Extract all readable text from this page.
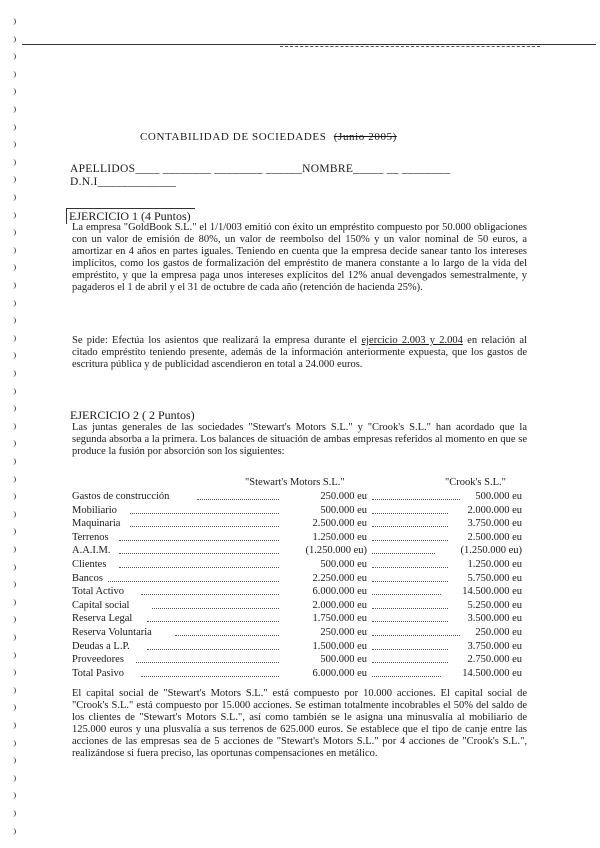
CONTABILIDAD DE SOCIEDADES (Junio 2005)
APELLIDOS____ ________ ________ ______NOMBRE_____ __ ________
D.N.I_____________
EJERCICIO 1 (4 Puntos)
La empresa "GoldBook S.L." el 1/1/003 emitió con éxito un empréstito compuesto por 50.000 obligaciones con un valor de emisión de 80%, un valor de reembolso del 150% y un valor nominal de 50 euros, a amortizar en 4 años en partes iguales. Teniendo en cuenta que la empresa decide sanear tanto los intereses implícitos, como los gastos de formalización del empréstito de manera constante a lo largo de la vida del empréstito, y que la empresa paga unos intereses explícitos del 12% anual devengados semestralmente, y pagaderos el 1 de abril y el 31 de octubre de cada año (retención de hacienda 25%).
Se pide: Efectúa los asientos que realizará la empresa durante el ejercicio 2.003 y 2.004 en relación al citado empréstito teniendo presente, además de la información anteriormente expuesta, que los gastos de escritura pública y de publicidad ascendieron en total a 24.000 euros.
EJERCICIO 2 ( 2 Puntos)
Las juntas generales de las sociedades "Stewart's Motors S.L." y "Crook's S.L." han acordado que la segunda absorba a la primera. Los balances de situación de ambas empresas referidos al momento en que se produce la fusión por absorción son los siguientes:
"Stewart's Motors S.L."	"Crook's S.L."
Gastos de construcción	250.000 eu	500.000 eu
Mobiliario	500.000 eu	2.000.000 eu
Maquinaria	2.500.000 eu	3.750.000 eu
Terrenos	1.250.000 eu	2.500.000 eu
A.A.I.M.	(1.250.000 eu)	(1.250.000 eu)
Clientes	500.000 eu	1.250.000 eu
Bancos	2.250.000 eu	5.750.000 eu
Total Activo	6.000.000 eu	14.500.000 eu
Capital social	2.000.000 eu	5.250.000 eu
Reserva Legal	1.750.000 eu	3.500.000 eu
Reserva Voluntaria	250.000 eu	250.000 eu
Deudas a L.P.	1.500.000 eu	3.750.000 eu
Proveedores	500.000 eu	2.750.000 eu
Total Pasivo	6.000.000 eu	14.500.000 eu
El capital social de "Stewart's Motors S.L." está compuesto por 10.000 acciones. El capital social de "Crook's S.L." está compuesto por 15.000 acciones. Se estiman totalmente incobrables el 50% del saldo de los clientes de "Stewart's Motors S.L.", así como también se le asigna una minusvalía al mobiliario de 125.000 euros y una plusvalía a sus terrenos de 625.000 euros. Se establece que el tipo de canje entre las acciones de las empresas sea de 5 acciones de "Stewart's Motors S.L." por 4 acciones de "Crook's S.L.", realizándose si fuera preciso, las oportunas compensaciones en metálico.
